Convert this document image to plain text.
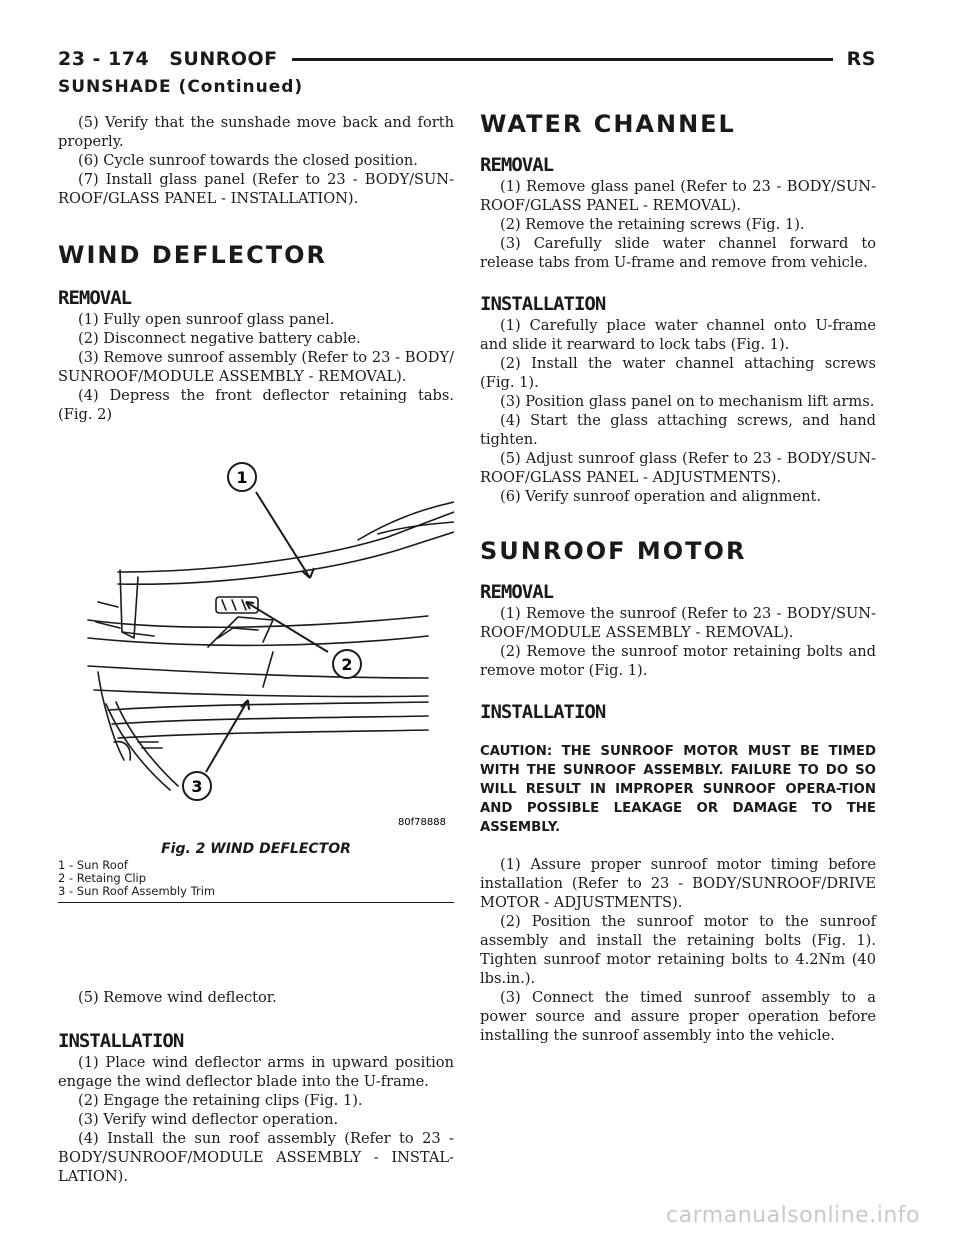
23 - 174 SUNROOF	RS
SUNSHADE (Continued)

(5) Verify that the sunshade move back and forth properly.

(6) Cycle sunroof towards the closed position.

(7) Install glass panel (Refer to 23 - BODY/SUN-ROOF/GLASS PANEL - INSTALLATION).

WIND DEFLECTOR
REMOVAL

(1) Fully open sunroof glass panel.

(2) Disconnect negative battery cable.

(3) Remove sunroof assembly (Refer to 23 - BODY/ SUNROOF/MODULE ASSEMBLY - REMOVAL).

(4) Depress the front deflector retaining tabs. (Fig. 2)

1
2
3
80f78888
Fig. 2 WIND DEFLECTOR
1 - Sun Roof
2 - Retaing Clip
3 - Sun Roof Assembly Trim

(5) Remove wind deflector.

INSTALLATION

(1) Place wind deflector arms in upward position engage the wind deflector blade into the U-frame.

(2) Engage the retaining clips (Fig. 1).

(3) Verify wind deflector operation.

(4) Install the sun roof assembly (Refer to 23 - BODY/SUNROOF/MODULE ASSEMBLY - INSTAL-LATION).

WATER CHANNEL
REMOVAL

(1) Remove glass panel (Refer to 23 - BODY/SUN-ROOF/GLASS PANEL - REMOVAL).

(2) Remove the retaining screws (Fig. 1).

(3) Carefully slide water channel forward to release tabs from U-frame and remove from vehicle.

INSTALLATION

(1) Carefully place water channel onto U-frame and slide it rearward to lock tabs (Fig. 1).

(2) Install the water channel attaching screws (Fig. 1).

(3) Position glass panel on to mechanism lift arms.

(4) Start the glass attaching screws, and hand tighten.

(5) Adjust sunroof glass (Refer to 23 - BODY/SUN-ROOF/GLASS PANEL - ADJUSTMENTS).

(6) Verify sunroof operation and alignment.

SUNROOF MOTOR
REMOVAL

(1) Remove the sunroof (Refer to 23 - BODY/SUN-ROOF/MODULE ASSEMBLY - REMOVAL).

(2) Remove the sunroof motor retaining bolts and remove motor (Fig. 1).

INSTALLATION
CAUTION: THE SUNROOF MOTOR MUST BE TIMED WITH THE SUNROOF ASSEMBLY. FAILURE TO DO SO WILL RESULT IN IMPROPER SUNROOF OPERA-TION AND POSSIBLE LEAKAGE OR DAMAGE TO THE ASSEMBLY.

(1) Assure proper sunroof motor timing before installation (Refer to 23 - BODY/SUNROOF/DRIVE MOTOR - ADJUSTMENTS).

(2) Position the sunroof motor to the sunroof assembly and install the retaining bolts (Fig. 1). Tighten sunroof motor retaining bolts to 4.2Nm (40 lbs.in.).

(3) Connect the timed sunroof assembly to a power source and assure proper operation before installing the sunroof assembly into the vehicle.

carmanualsonline.info
